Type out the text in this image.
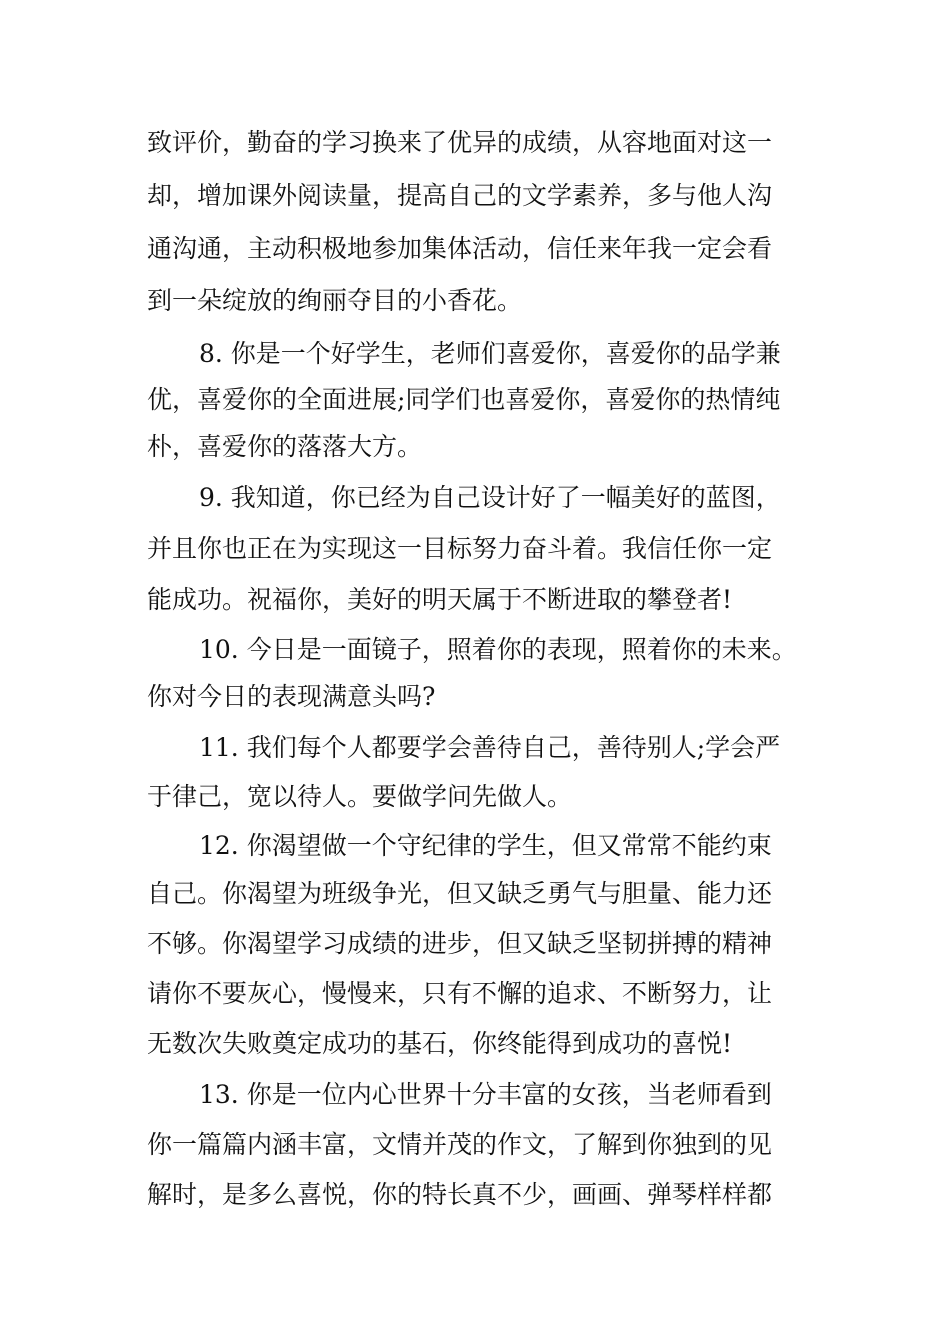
致评价，勤奋的学习换来了优异的成绩，从容地面对这一
却，增加课外阅读量，提高自己的文学素养，多与他人沟
通沟通，主动积极地参加集体活动，信任来年我一定会看
到一朵绽放的绚丽夺目的小香花。
8. 你是一个好学生，老师们喜爱你，喜爱你的品学兼
优，喜爱你的全面进展;同学们也喜爱你，喜爱你的热情纯
朴，喜爱你的落落大方。
9. 我知道，你已经为自己设计好了一幅美好的蓝图，
并且你也正在为实现这一目标努力奋斗着。我信任你一定
能成功。祝福你，美好的明天属于不断进取的攀登者!
10. 今日是一面镜子，照着你的表现，照着你的未来。
你对今日的表现满意头吗?
11. 我们每个人都要学会善待自己，善待别人;学会严
于律己，宽以待人。要做学问先做人。
12. 你渴望做一个守纪律的学生，但又常常不能约束
自己。你渴望为班级争光，但又缺乏勇气与胆量、能力还
不够。你渴望学习成绩的进步，但又缺乏坚韧拼搏的精神
请你不要灰心，慢慢来，只有不懈的追求、不断努力，让
无数次失败奠定成功的基石，你终能得到成功的喜悦!
13. 你是一位内心世界十分丰富的女孩，当老师看到
你一篇篇内涵丰富，文情并茂的作文，了解到你独到的见
解时，是多么喜悦，你的特长真不少，画画、弹琴样样都
